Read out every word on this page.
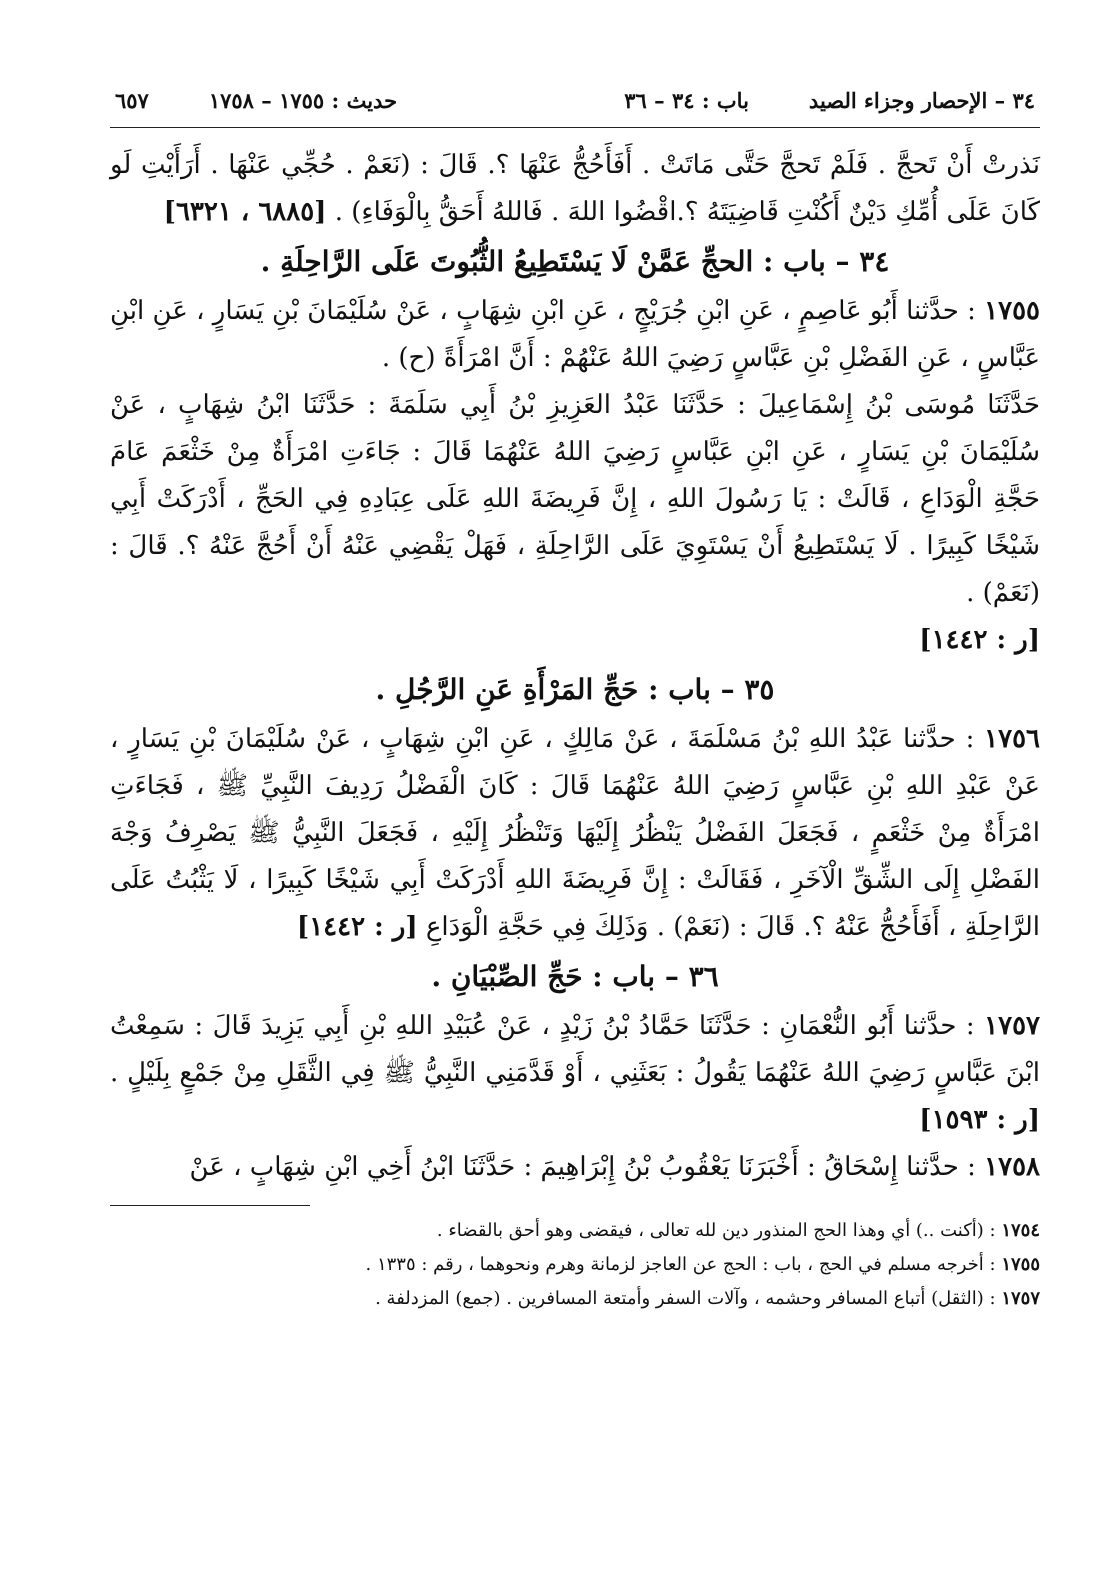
٣٤ – الإحصار وجزاء الصيد
باب : ٣٤ – ٣٦
حديث : ١٧٥٥ – ١٧٥٨
٦٥٧

نَذرتْ أَنْ تَحجَّ . فَلَمْ تَحجَّ حَتَّى مَاتَتْ . أَفَأَحُجُّ عَنْهَا ؟. قَالَ : (نَعَمْ . حُجِّي عَنْهَا . أَرَأَيْتِ لَو كَانَ عَلَى أُمِّكِ دَيْنٌ أَكُنْتِ قَاضِيَتَهُ ؟.اقْضُوا اللهَ . فَاللهُ أَحَقُّ بِالْوَفَاءِ) . [٦٨٨٥ ، ٦٣٢١]

٣٤ – باب : الحجِّ عَمَّنْ لَا يَسْتَطِيعُ الثُّبُوتَ عَلَى الرَّاحِلَةِ .

١٧٥٥ : حدَّثنا أَبُو عَاصِمٍ ، عَنِ ابْنِ جُرَيْجٍ ، عَنِ ابْنِ شِهَابٍ ، عَنْ سُلَيْمَانَ بْنِ يَسَارٍ ، عَنِ ابْنِ عَبَّاسٍ ، عَنِ الفَضْلِ بْنِ عَبَّاسٍ رَضِيَ اللهُ عَنْهُمْ : أَنَّ امْرَأَةً (ح) .

حَدَّثَنَا مُوسَى بْنُ إِسْمَاعِيلَ : حَدَّثَنَا عَبْدُ العَزِيزِ بْنُ أَبِي سَلَمَةَ : حَدَّثَنَا ابْنُ شِهَابٍ ، عَنْ سُلَيْمَانَ بْنِ يَسَارٍ ، عَنِ ابْنِ عَبَّاسٍ رَضِيَ اللهُ عَنْهُمَا قَالَ : جَاءَتِ امْرَأَةٌ مِنْ خَثْعَمَ عَامَ حَجَّةِ الْوَدَاعِ ، قَالَتْ : يَا رَسُولَ اللهِ ، إِنَّ فَرِيضَةَ اللهِ عَلَى عِبَادِهِ فِي الحَجِّ ، أَدْرَكَتْ أَبِي شَيْخًا كَبِيرًا . لَا يَسْتَطِيعُ أَنْ يَسْتَوِيَ عَلَى الرَّاحِلَةِ ، فَهَلْ يَقْضِي عَنْهُ أَنْ أَحُجَّ عَنْهُ ؟. قَالَ : (نَعَمْ) .

[ر : ١٤٤٢]

٣٥ – باب : حَجِّ المَرْأَةِ عَنِ الرَّجُلِ .

١٧٥٦ : حدَّثنا عَبْدُ اللهِ بْنُ مَسْلَمَةَ ، عَنْ مَالِكٍ ، عَنِ ابْنِ شِهَابٍ ، عَنْ سُلَيْمَانَ بْنِ يَسَارٍ ، عَنْ عَبْدِ اللهِ بْنِ عَبَّاسٍ رَضِيَ اللهُ عَنْهُمَا قَالَ : كَانَ الْفَضْلُ رَدِيفَ النَّبِيِّ ﷺ ، فَجَاءَتِ امْرَأَةٌ مِنْ خَثْعَمٍ ، فَجَعَلَ الفَضْلُ يَنْظُرُ إِلَيْهَا وَتَنْظُرُ إِلَيْهِ ، فَجَعَلَ النَّبِيُّ ﷺ يَصْرِفُ وَجْهَ الفَضْلِ إِلَى الشِّقِّ الْآخَرِ ، فَقَالَتْ : إِنَّ فَرِيضَةَ اللهِ أَدْرَكَتْ أَبِي شَيْخًا كَبِيرًا ، لَا يَثْبُتُ عَلَى الرَّاحِلَةِ ، أَفَأَحُجُّ عَنْهُ ؟. قَالَ : (نَعَمْ) . وَذَلِكَ فِي حَجَّةِ الْوَدَاعِ [ر : ١٤٤٢]

٣٦ – باب : حَجِّ الصِّبْيَانِ .

١٧٥٧ : حدَّثنا أَبُو النُّعْمَانِ : حَدَّثَنَا حَمَّادُ بْنُ زَيْدٍ ، عَنْ عُبَيْدِ اللهِ بْنِ أَبِي يَزِيدَ قَالَ : سَمِعْتُ ابْنَ عَبَّاسٍ رَضِيَ اللهُ عَنْهُمَا يَقُولُ : بَعَثَنِي ، أَوْ قَدَّمَنِي النَّبِيُّ ﷺ فِي الثَّقَلِ مِنْ جَمْعٍ بِلَيْلٍ . [ر : ١٥٩٣]

١٧٥٨ : حدَّثنا إِسْحَاقُ : أَخْبَرَنَا يَعْقُوبُ بْنُ إِبْرَاهِيمَ : حَدَّثَنَا ابْنُ أَخِي ابْنِ شِهَابٍ ، عَنْ

١٧٥٤ : (أكنت ..) أي وهذا الحج المنذور دين لله تعالى ، فيقضى وهو أحق بالقضاء .
١٧٥٥ : أخرجه مسلم في الحج ، باب : الحج عن العاجز لزمانة وهرم ونحوهما ، رقم : ١٣٣٥ .
١٧٥٧ : (الثقل) أتباع المسافر وحشمه ، وآلات السفر وأمتعة المسافرين . (جمع) المزدلفة .
